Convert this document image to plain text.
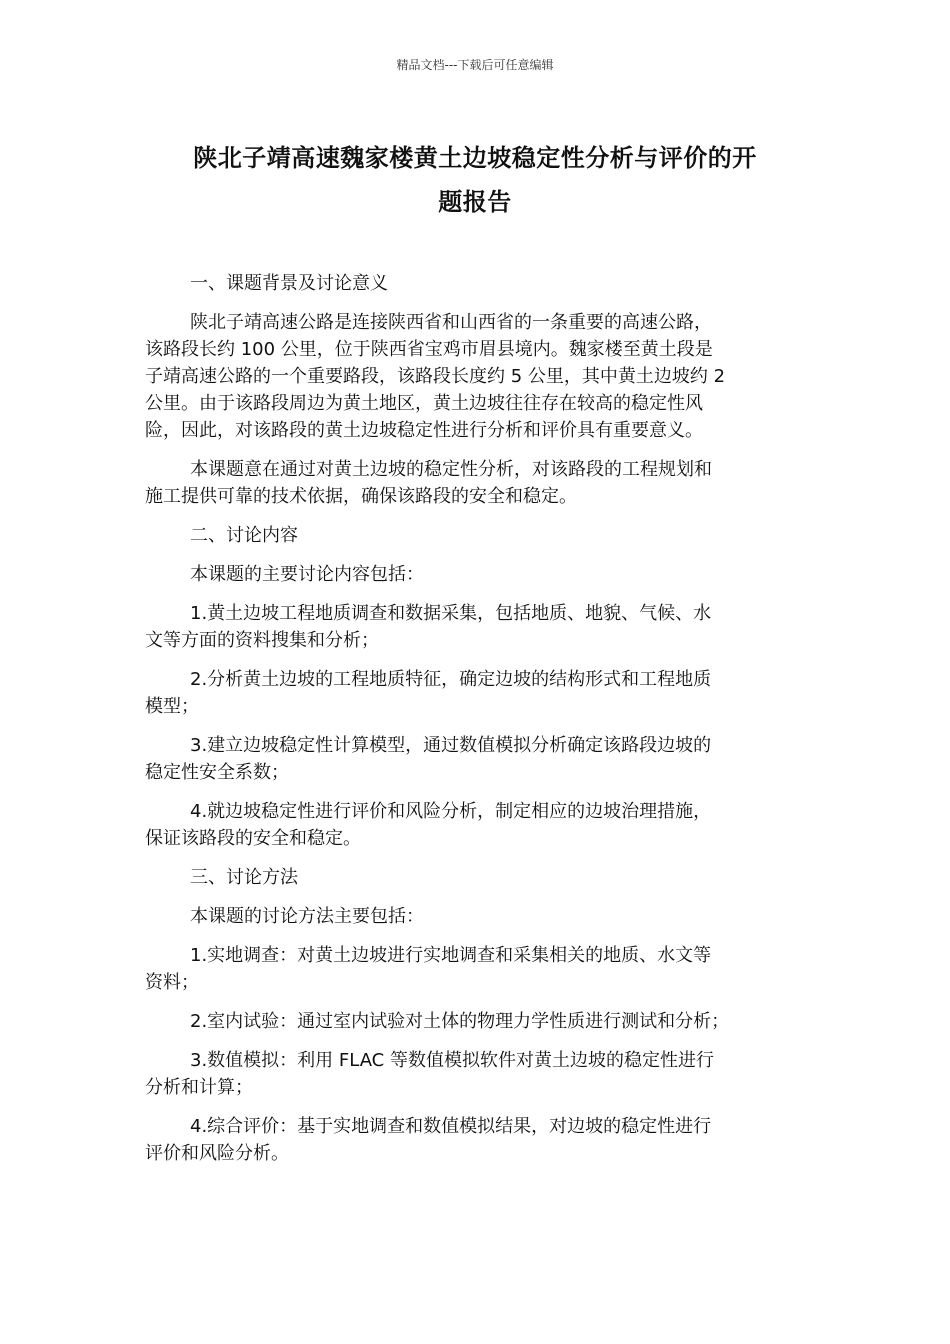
精品文档---下载后可任意编辑
陕北子靖高速魏家楼黄土边坡稳定性分析与评价的开
题报告

一、课题背景及讨论意义

陕北子靖高速公路是连接陕西省和山西省的一条重要的高速公路，
该路段长约 100 公里，位于陕西省宝鸡市眉县境内。魏家楼至黄土段是
子靖高速公路的一个重要路段，该路段长度约 5 公里，其中黄土边坡约 2
公里。由于该路段周边为黄土地区，黄土边坡往往存在较高的稳定性风
险，因此，对该路段的黄土边坡稳定性进行分析和评价具有重要意义。

本课题意在通过对黄土边坡的稳定性分析，对该路段的工程规划和
施工提供可靠的技术依据，确保该路段的安全和稳定。

二、讨论内容

本课题的主要讨论内容包括：

1.黄土边坡工程地质调查和数据采集，包括地质、地貌、气候、水
文等方面的资料搜集和分析；

2.分析黄土边坡的工程地质特征，确定边坡的结构形式和工程地质
模型；

3.建立边坡稳定性计算模型，通过数值模拟分析确定该路段边坡的
稳定性安全系数；

4.就边坡稳定性进行评价和风险分析，制定相应的边坡治理措施，
保证该路段的安全和稳定。

三、讨论方法

本课题的讨论方法主要包括：

1.实地调查：对黄土边坡进行实地调查和采集相关的地质、水文等
资料；

2.室内试验：通过室内试验对土体的物理力学性质进行测试和分析；

3.数值模拟：利用 FLAC 等数值模拟软件对黄土边坡的稳定性进行
分析和计算；

4.综合评价：基于实地调查和数值模拟结果，对边坡的稳定性进行
评价和风险分析。
